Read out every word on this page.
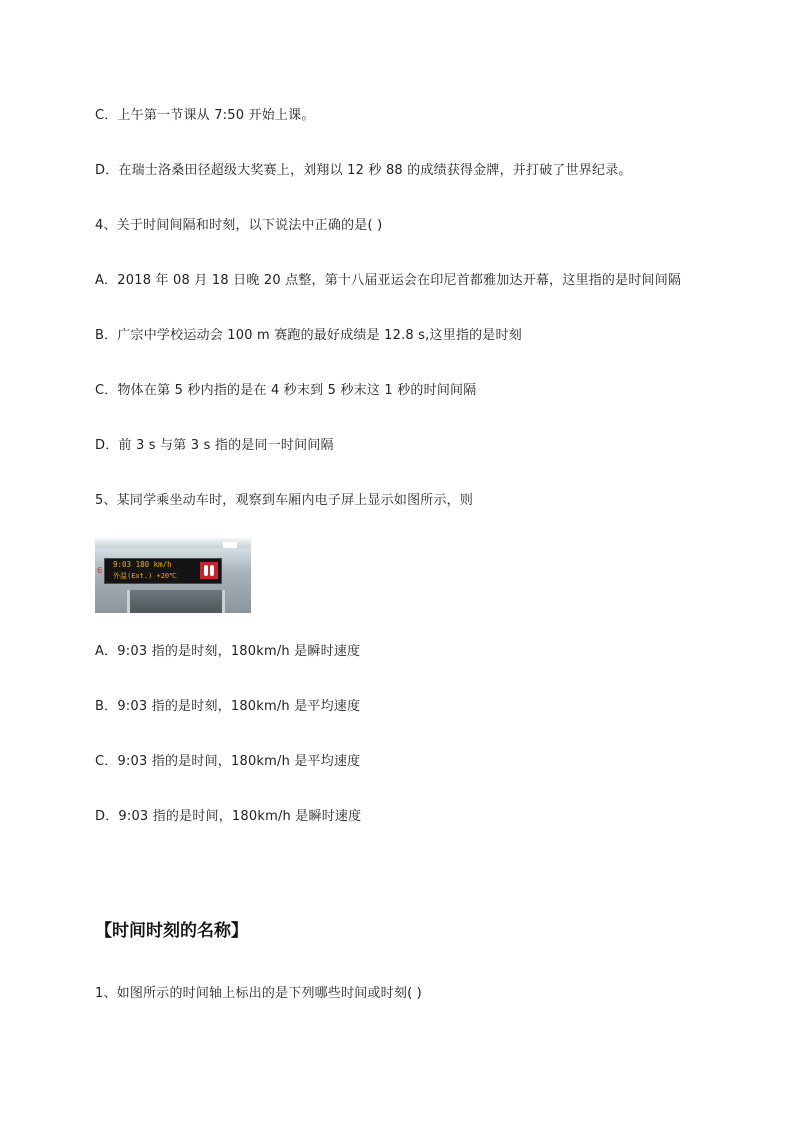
C．上午第一节课从 7:50 开始上课。
D．在瑞士洛桑田径超级大奖赛上，刘翔以 12 秒 88 的成绩获得金牌，并打破了世界纪录。
4、关于时间间隔和时刻，以下说法中正确的是( )
A．2018 年 08 月 18 日晚 20 点整，第十八届亚运会在印尼首都雅加达开幕，这里指的是时间间隔
B．广宗中学校运动会 100 m 赛跑的最好成绩是 12.8 s,这里指的是时刻
C．物体在第 5 秒内指的是在 4 秒末到 5 秒末这 1 秒的时间间隔
D．前 3 s 与第 3 s 指的是同一时间间隔
5、某同学乘坐动车时，观察到车厢内电子屏上显示如图所示，则
6
9:03 180 km/h
外温(Ext.) +20℃
A．9:03 指的是时刻，180km/h 是瞬时速度
B．9:03 指的是时刻，180km/h 是平均速度
C．9:03 指的是时间，180km/h 是平均速度
D．9:03 指的是时间，180km/h 是瞬时速度
【时间时刻的名称】
1、如图所示的时间轴上标出的是下列哪些时间或时刻( )
